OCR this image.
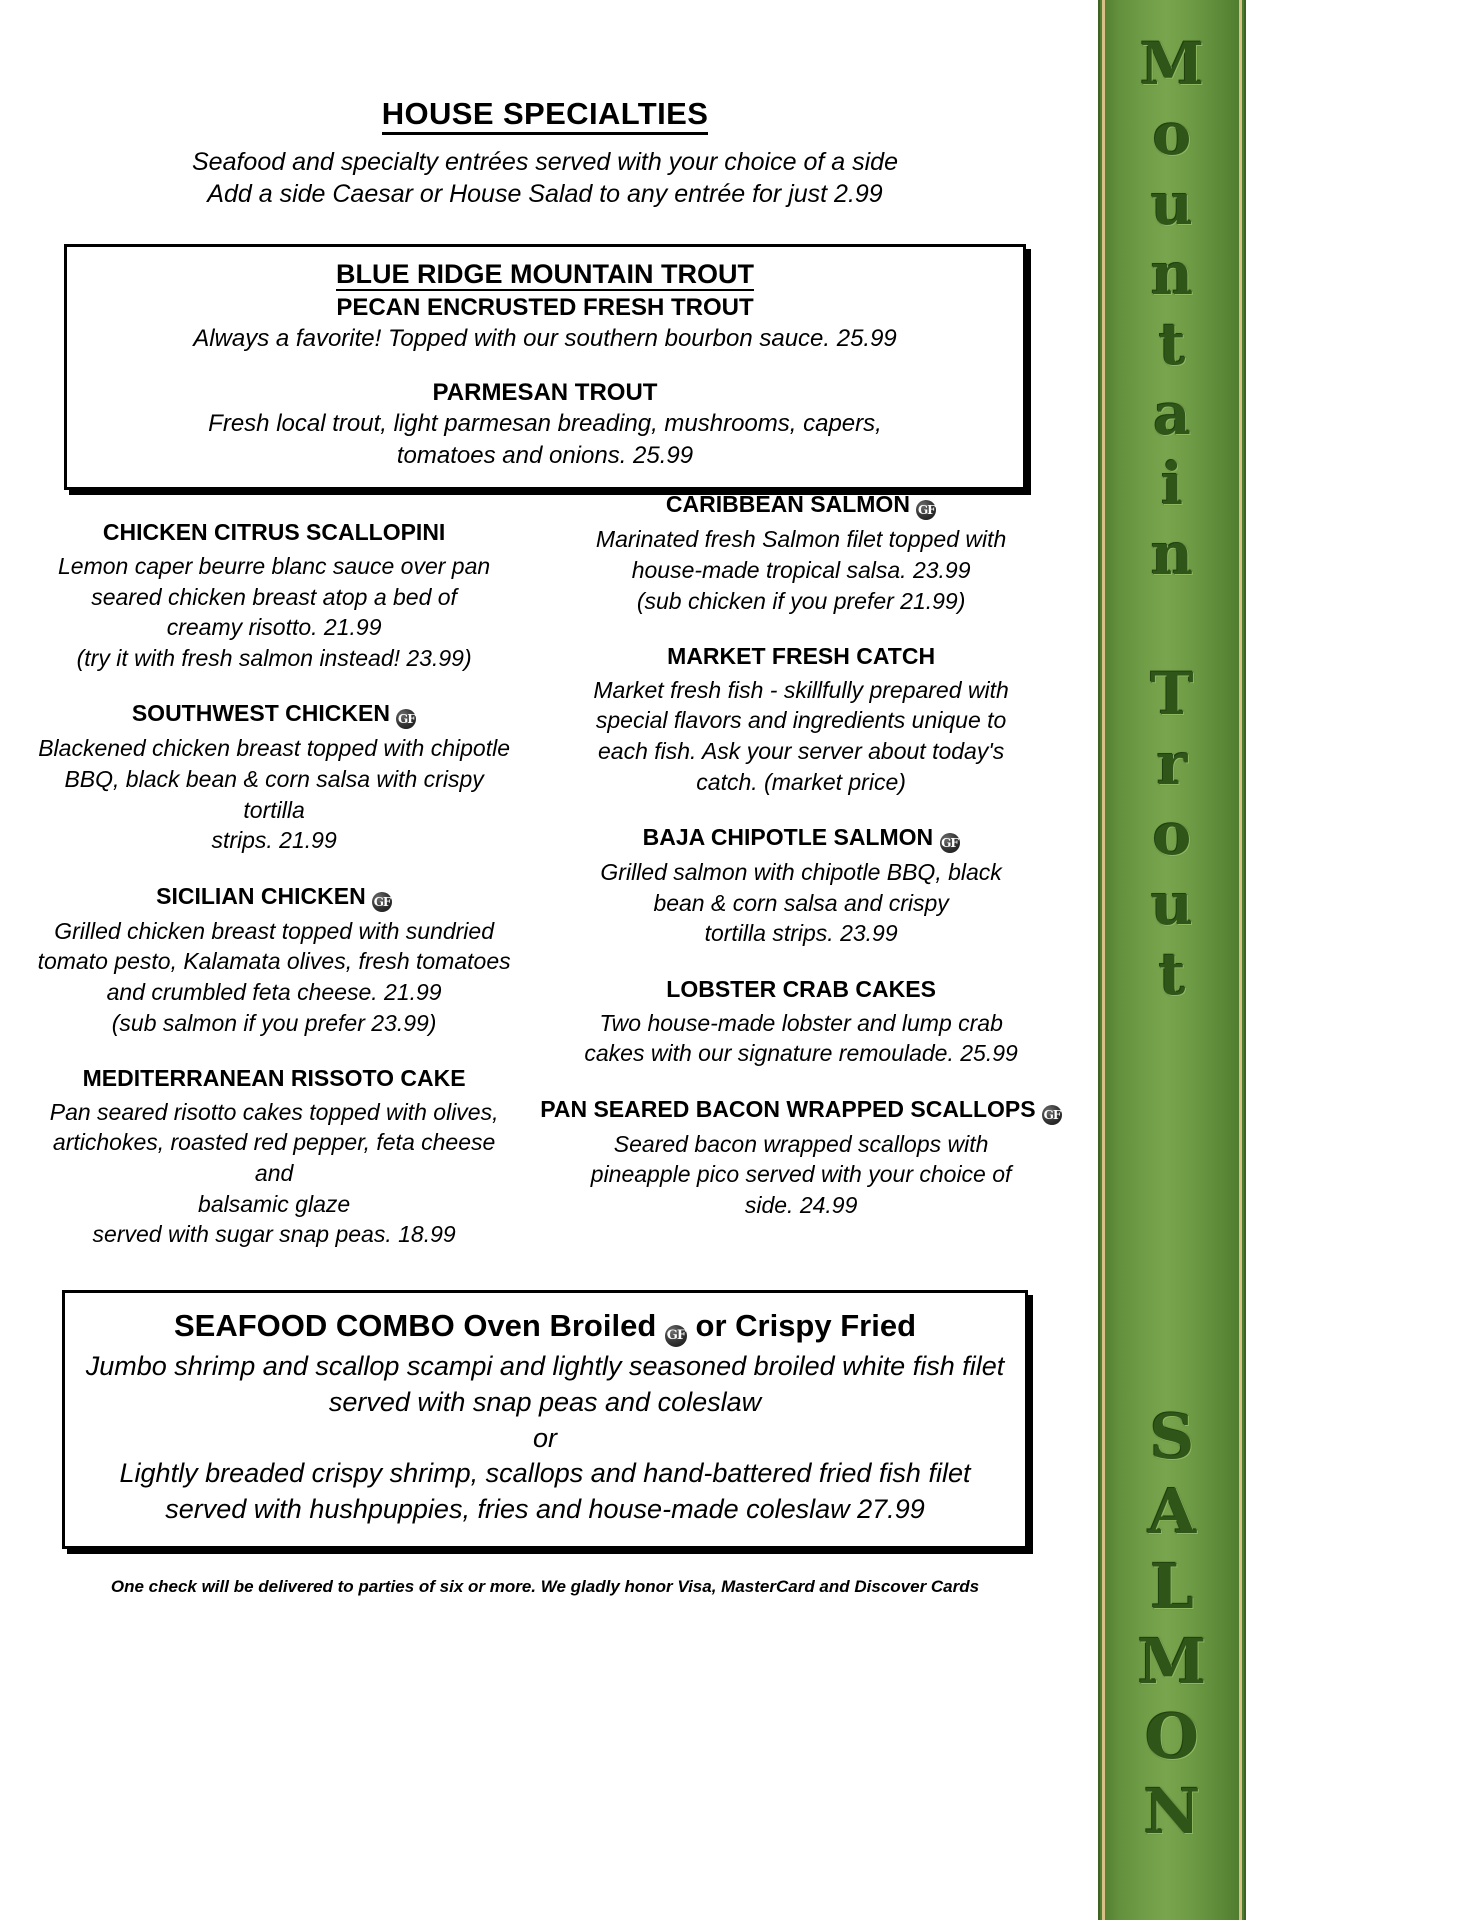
HOUSE SPECIALTIES

Seafood and specialty entrées served with your choice of a side

Add a side Caesar or House Salad to any entrée for just 2.99

BLUE RIDGE MOUNTAIN TROUT

PECAN ENCRUSTED FRESH TROUT

Always a favorite! Topped with our southern bourbon sauce. 25.99

PARMESAN TROUT

Fresh local trout, light parmesan breading, mushrooms, capers,

tomatoes and onions. 25.99

CHICKEN CITRUS SCALLOPINI

Lemon caper beurre blanc sauce over pan

seared chicken breast atop a bed of

creamy risotto. 21.99

(try it with fresh salmon instead! 23.99)

SOUTHWEST CHICKEN GF

Blackened chicken breast topped with chipotle

BBQ, black bean & corn salsa with crispy tortilla

strips. 21.99

SICILIAN CHICKEN GF

Grilled chicken breast topped with sundried

tomato pesto, Kalamata olives, fresh tomatoes

and crumbled feta cheese. 21.99

(sub salmon if you prefer 23.99)

MEDITERRANEAN RISSOTO CAKE

Pan seared risotto cakes topped with olives,

artichokes, roasted red pepper, feta cheese and

balsamic glaze

served with sugar snap peas. 18.99

CARIBBEAN SALMON GF

Marinated fresh Salmon filet topped with

house-made tropical salsa. 23.99

(sub chicken if you prefer 21.99)

MARKET FRESH CATCH

Market fresh fish - skillfully prepared with

special flavors and ingredients unique to

each fish. Ask your server about today's

catch. (market price)

BAJA CHIPOTLE SALMON GF

Grilled salmon with chipotle BBQ, black

bean & corn salsa and crispy

tortilla strips. 23.99

LOBSTER CRAB CAKES

Two house-made lobster and lump crab

cakes with our signature remoulade. 25.99

PAN SEARED BACON WRAPPED SCALLOPS GF

Seared bacon wrapped scallops with

pineapple pico served with your choice of

side. 24.99

SEAFOOD COMBO Oven Broiled GF or Crispy Fried

Jumbo shrimp and scallop scampi and lightly seasoned broiled white fish filet

served with snap peas and coleslaw

or

Lightly breaded crispy shrimp, scallops and hand-battered fried fish filet

served with hushpuppies, fries and house-made coleslaw 27.99

One check will be delivered to parties of six or more. We gladly honor Visa, MasterCard and Discover Cards

Mountain Trout
SALMON
